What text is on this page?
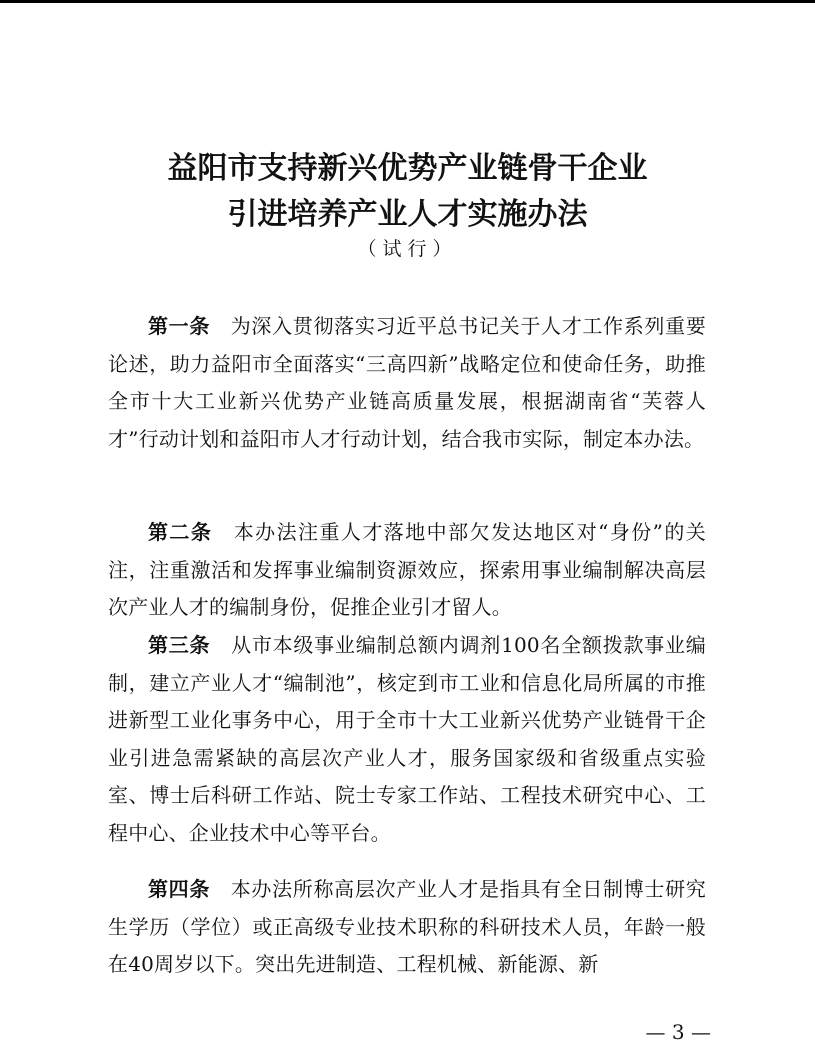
益阳市支持新兴优势产业链骨干企业
引进培养产业人才实施办法
（试行）

第一条　 为深入贯彻落实习近平总书记关于人才工作系列重要论述，助力益阳市全面落实“三高四新”战略定位和使命任务，助推全市十大工业新兴优势产业链高质量发展，根据湖南省“芙蓉人才”行动计划和益阳市人才行动计划，结合我市实际，制定本办法。

第二条　 本办法注重人才落地中部欠发达地区对“身份”的关注，注重激活和发挥事业编制资源效应，探索用事业编制解决高层次产业人才的编制身份，促推企业引才留人。

第三条　 从市本级事业编制总额内调剂100名全额拨款事业编制，建立产业人才“编制池”，核定到市工业和信息化局所属的市推进新型工业化事务中心，用于全市十大工业新兴优势产业链骨干企业引进急需紧缺的高层次产业人才，服务国家级和省级重点实验室、博士后科研工作站、院士专家工作站、工程技术研究中心、工程中心、企业技术中心等平台。

第四条　 本办法所称高层次产业人才是指具有全日制博士研究生学历（学位）或正高级专业技术职称的科研技术人员，年龄一般在40周岁以下。突出先进制造、工程机械、新能源、新

— 3 —
